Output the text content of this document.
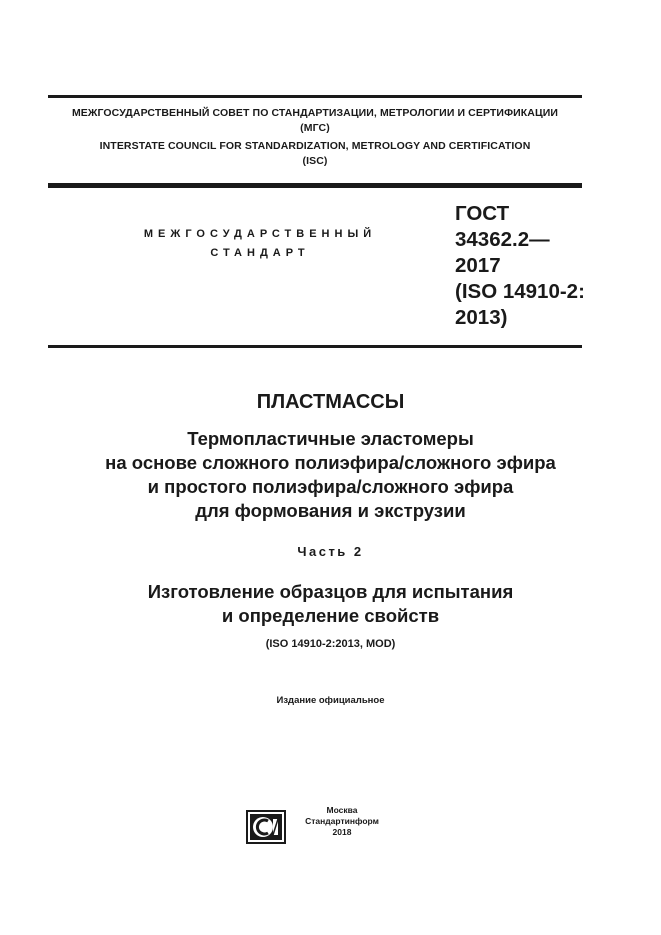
МЕЖГОСУДАРСТВЕННЫЙ СОВЕТ ПО СТАНДАРТИЗАЦИИ, МЕТРОЛОГИИ И СЕРТИФИКАЦИИ
(МГС)
INTERSTATE COUNCIL FOR STANDARDIZATION, METROLOGY AND CERTIFICATION
(ISC)
МЕЖГОСУДАРСТВЕННЫЙ
СТАНДАРТ
ГОСТ
34362.2—
2017
(ISO 14910-2:
2013)
ПЛАСТМАССЫ
Термопластичные эластомеры
на основе сложного полиэфира/сложного эфира
и простого полиэфира/сложного эфира
для формования и экструзии
Часть 2
Изготовление образцов для испытания
и определение свойств
(ISO 14910-2:2013, MOD)
Издание официальное
Москва
Стандартинформ
2018
